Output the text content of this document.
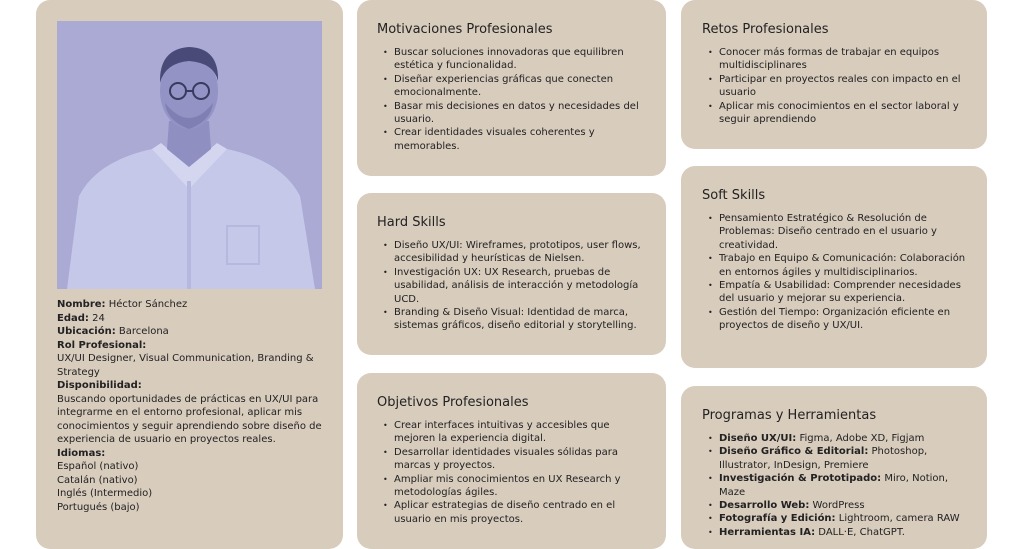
Nombre: Héctor Sánchez
Edad: 24
Ubicación: Barcelona
Rol Profesional:
UX/UI Designer, Visual Communication, Branding & Strategy
Disponibilidad:
Buscando oportunidades de prácticas en UX/UI para integrarme en el entorno profesional, aplicar mis conocimientos y seguir aprendiendo sobre diseño de experiencia de usuario en proyectos reales.
Idiomas:
Español (nativo)
Catalán (nativo)
Inglés (Intermedio)
Portugués (bajo)
Motivaciones Profesionales
• Buscar soluciones innovadoras que equilibren estética y funcionalidad.
• Diseñar experiencias gráficas que conecten emocionalmente.
• Basar mis decisiones en datos y necesidades del usuario.
• Crear identidades visuales coherentes y memorables.
Hard Skills
• Diseño UX/UI: Wireframes, prototipos, user flows, accesibilidad y heurísticas de Nielsen.
• Investigación UX: UX Research, pruebas de usabilidad, análisis de interacción y metodología UCD.
• Branding & Diseño Visual: Identidad de marca, sistemas gráficos, diseño editorial y storytelling.
Objetivos Profesionales
• Crear interfaces intuitivas y accesibles que mejoren la experiencia digital.
• Desarrollar identidades visuales sólidas para marcas y proyectos.
• Ampliar mis conocimientos en UX Research y metodologías ágiles.
• Aplicar estrategias de diseño centrado en el usuario en mis proyectos.
Retos Profesionales
• Conocer más formas de trabajar en equipos multidisciplinares
• Participar en proyectos reales con impacto en el usuario
• Aplicar mis conocimientos en el sector laboral y seguir aprendiendo
Soft Skills
• Pensamiento Estratégico & Resolución de Problemas: Diseño centrado en el usuario y creatividad.
• Trabajo en Equipo & Comunicación: Colaboración en entornos ágiles y multidisciplinarios.
• Empatía & Usabilidad: Comprender necesidades del usuario y mejorar su experiencia.
• Gestión del Tiempo: Organización eficiente en proyectos de diseño y UX/UI.
Programas y Herramientas
• Diseño UX/UI: Figma, Adobe XD, Figjam
• Diseño Gráfico & Editorial: Photoshop, Illustrator, InDesign, Premiere
• Investigación & Prototipado: Miro, Notion, Maze
• Desarrollo Web: WordPress
• Fotografía y Edición: Lightroom, camera RAW
• Herramientas IA: DALL·E, ChatGPT.
